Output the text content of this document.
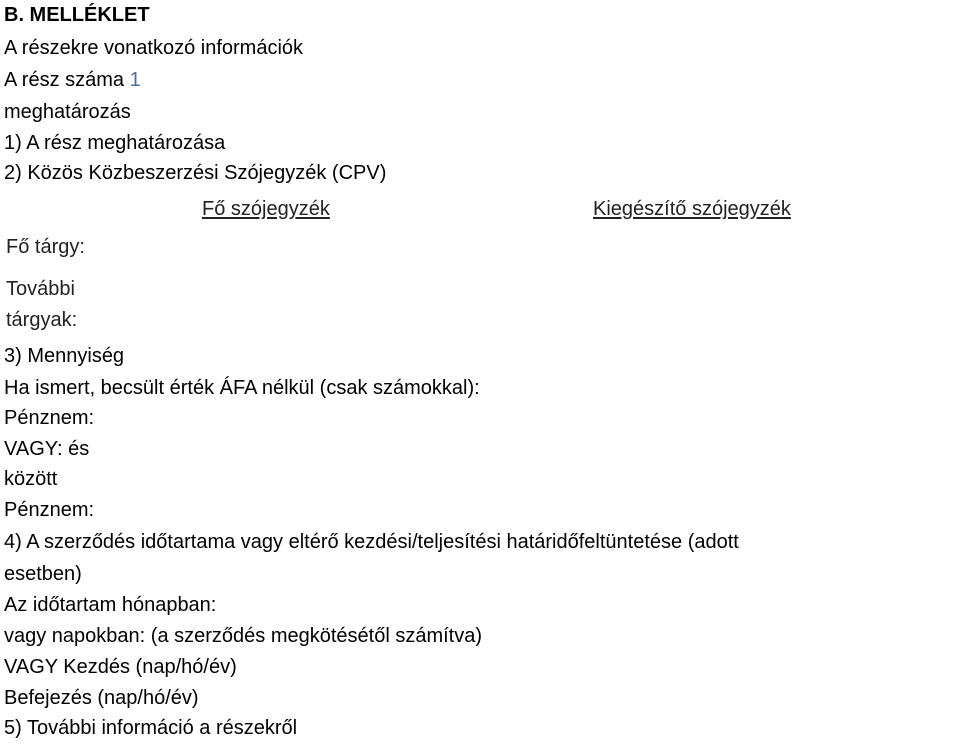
B. MELLÉKLET
A részekre vonatkozó információk
A rész száma 1
meghatározás
1) A rész meghatározása
2) Közös Közbeszerzési Szójegyzék (CPV)
Fő szójegyzék	Kiegészítő szójegyzék
Fő tárgy:
További
tárgyak:
3) Mennyiség
Ha ismert, becsült érték ÁFA nélkül (csak számokkal):
Pénznem:
VAGY: és
között
Pénznem:
4) A szerződés időtartama vagy eltérő kezdési/teljesítési határidőfeltüntetése (adott
esetben)
Az időtartam hónapban:
vagy napokban: (a szerződés megkötésétől számítva)
VAGY Kezdés (nap/hó/év)
Befejezés (nap/hó/év)
5) További információ a részekről
